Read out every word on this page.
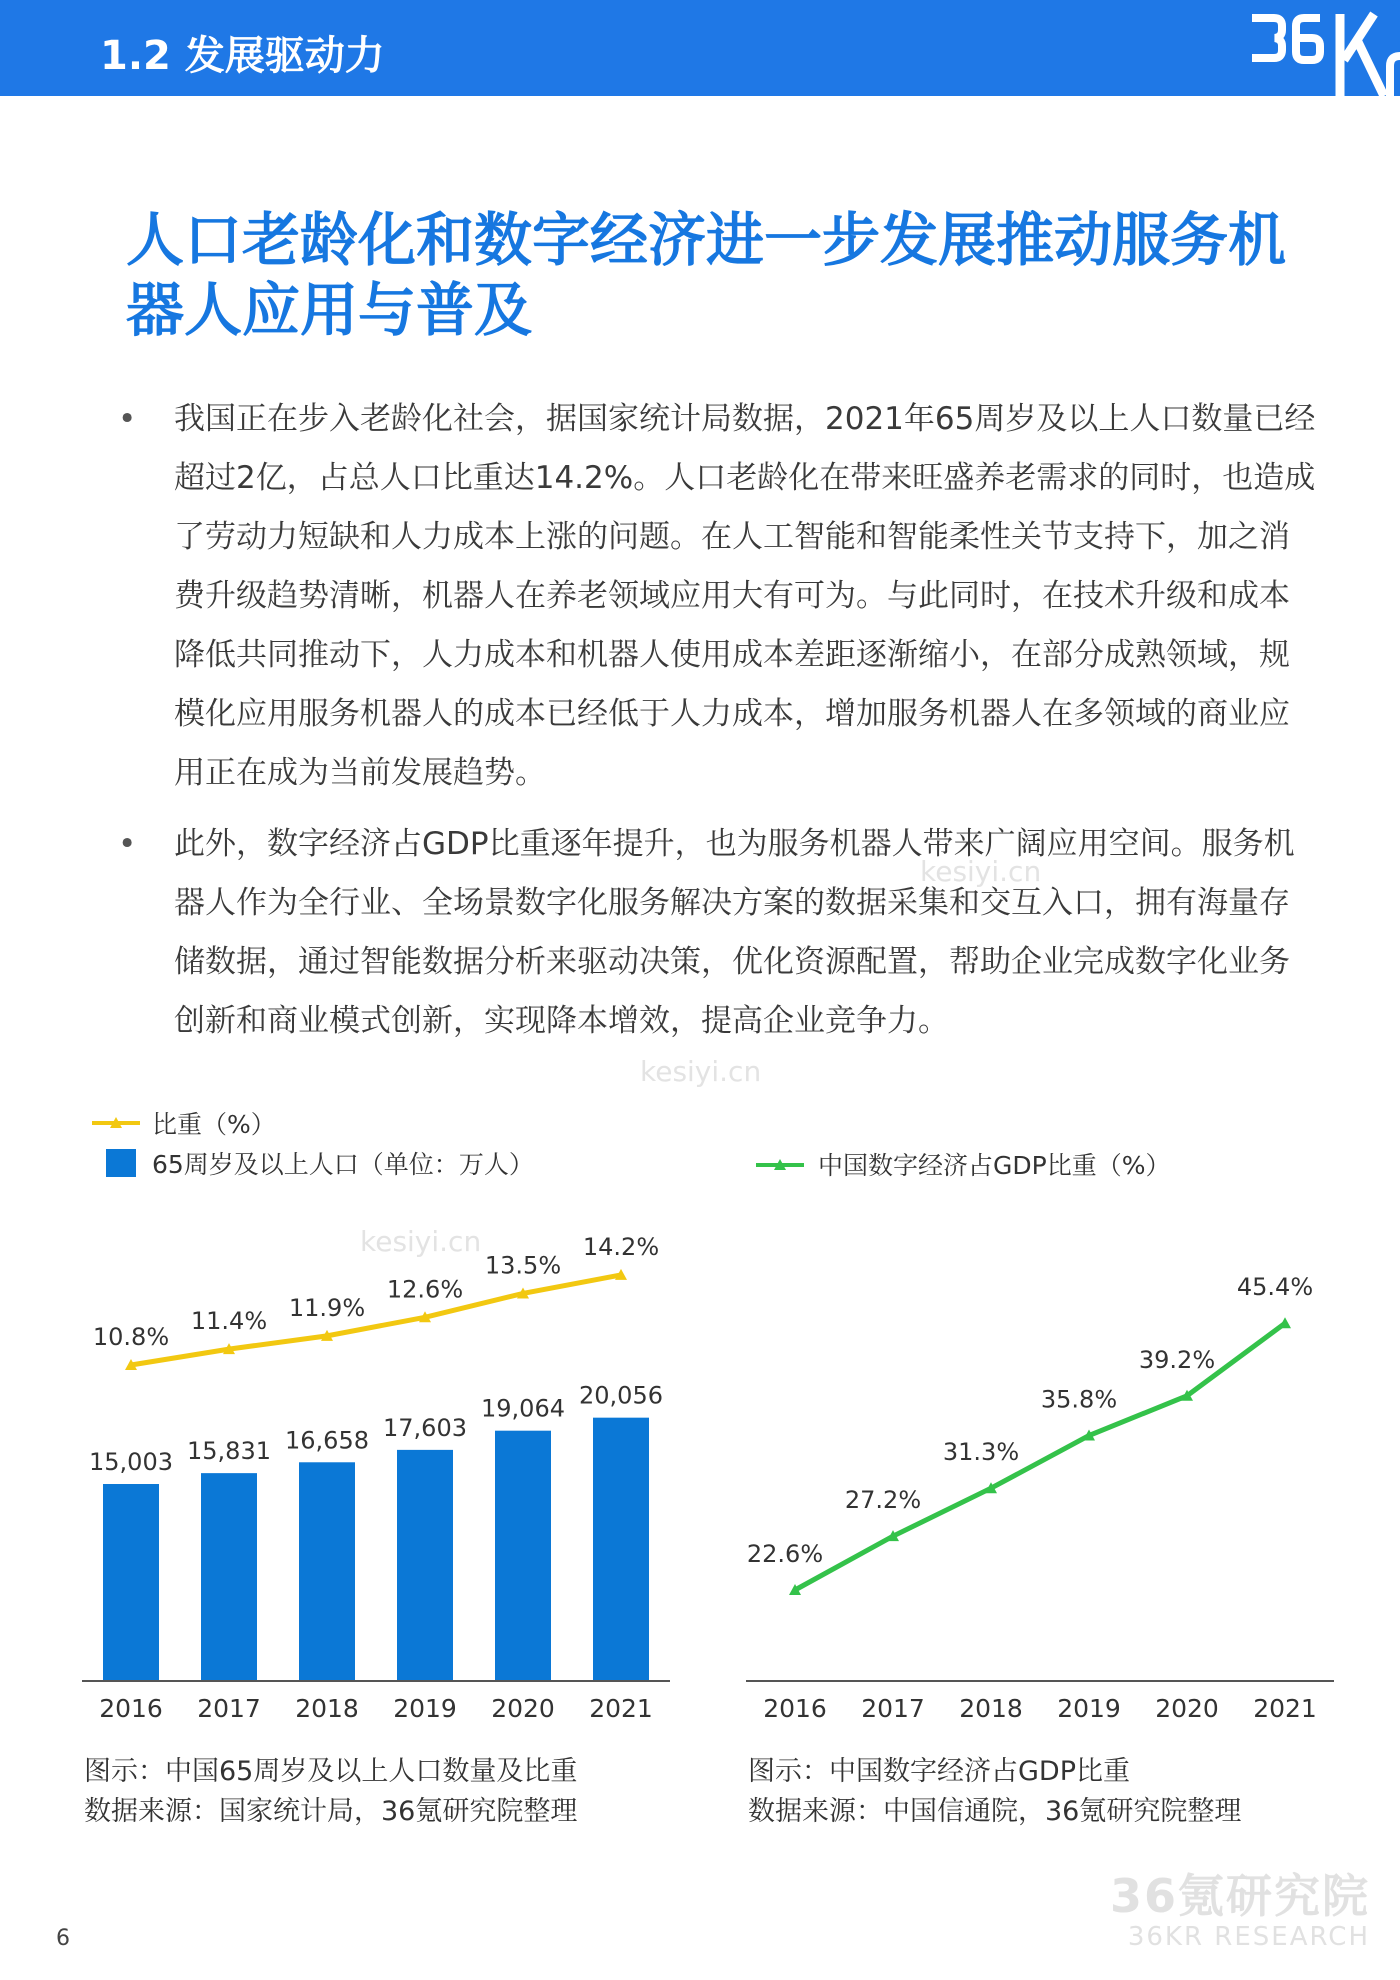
1.2 发展驱动力
人口老龄化和数字经济进一步发展推动服务机器人应用与普及
• 我国正在步入老龄化社会，据国家统计局数据，2021年65周岁及以上人口数量已经超过2亿，占总人口比重达14.2%。人口老龄化在带来旺盛养老需求的同时，也造成了劳动力短缺和人力成本上涨的问题。在人工智能和智能柔性关节支持下，加之消费升级趋势清晰，机器人在养老领域应用大有可为。与此同时，在技术升级和成本降低共同推动下，人力成本和机器人使用成本差距逐渐缩小，在部分成熟领域，规模化应用服务机器人的成本已经低于人力成本，增加服务机器人在多领域的商业应用正在成为当前发展趋势。
• 此外，数字经济占GDP比重逐年提升，也为服务机器人带来广阔应用空间。服务机器人作为全行业、全场景数字化服务解决方案的数据采集和交互入口，拥有海量存储数据，通过智能数据分析来驱动决策，优化资源配置，帮助企业完成数字化业务创新和商业模式创新，实现降本增效，提高企业竞争力。
kesiyi.cn
kesiyi.cn
kesiyi.cn
比重（%）
65周岁及以上人口（单位：万人）
15,003
2016
15,831
2017
16,658
2018
17,603
2019
19,064
2020
20,056
2021
10.8%
11.4% 11.9%
12.6%
13.5%
14.2%
中国数字经济占GDP比重（%）
22.6%
27.2%
31.3%
35.8%
39.2%
45.4%
2016 2017 2018 2019 2020 2021
图示：中国65周岁及以上人口数量及比重
数据来源：国家统计局，36氪研究院整理
图示：中国数字经济占GDP比重
数据来源：中国信通院，36氪研究院整理
6
36氪研究院
36KR RESEARCH
